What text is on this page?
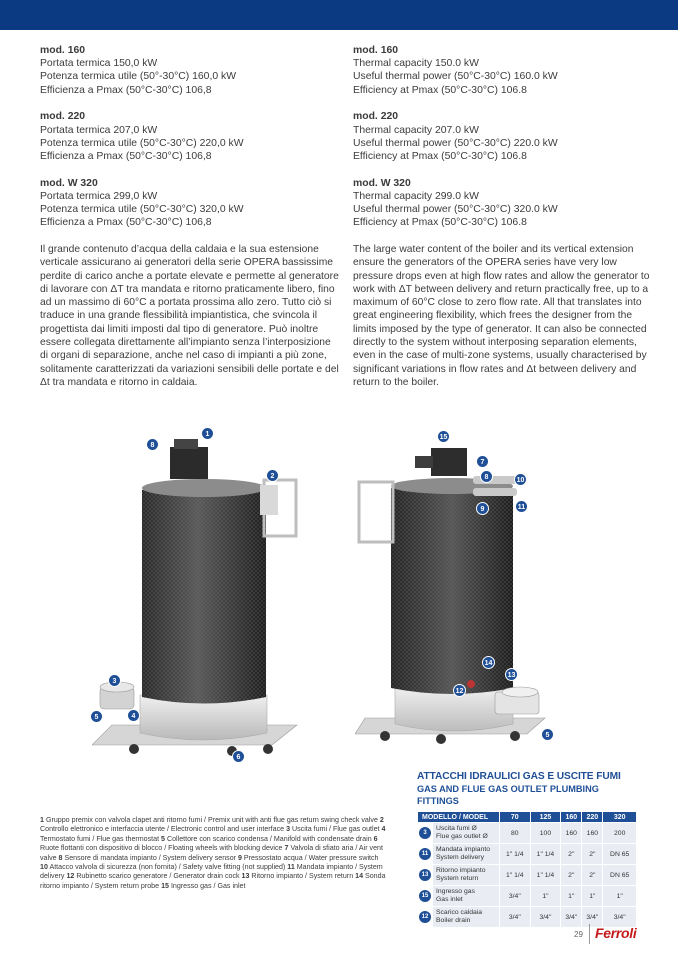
mod. 160
Portata termica 150,0 kW
Potenza termica utile (50°-30°C) 160,0 kW
Efficienza a Pmax (50°C-30°C) 106,8
mod. 220
Portata termica 207,0 kW
Potenza termica utile (50°C-30°C) 220,0 kW
Efficienza a Pmax (50°C-30°C) 106,8
mod. W 320
Portata termica 299,0 kW
Potenza termica utile (50°C-30°C) 320,0 kW
Efficienza a Pmax (50°C-30°C) 106,8

Il grande contenuto d’acqua della caldaia e la sua estensione verticale assicurano ai generatori della serie OPERA bassissime perdite di carico anche a portate elevate e permette al generatore di lavorare con ΔT tra mandata e ritorno praticamente libero, fino ad un massimo di 60°C a portata prossima allo zero. Tutto ciò si traduce in una grande flessibilità impiantistica, che svincola il progettista dai limiti imposti dal tipo di generatore. Può inoltre essere collegata direttamente all’impianto senza l’interposizione di organi di separazione, anche nel caso di impianti a più zone, solitamente caratterizzati da variazioni sensibili delle portate e del Δt tra mandata e ritorno in caldaia.

mod. 160
Thermal capacity 150.0 kW
Useful thermal power (50°C-30°C) 160.0 kW
Efficiency at Pmax (50°C-30°C) 106.8
mod. 220
Thermal capacity 207.0 kW
Useful thermal power (50°C-30°C) 220.0 kW
Efficiency at Pmax (50°C-30°C) 106.8
mod. W 320
Thermal capacity 299.0 kW
Useful thermal power (50°C-30°C) 320.0 kW
Efficiency at Pmax (50°C-30°C) 106.8

The large water content of the boiler and its vertical extension ensure the generators of the OPERA series have very low pressure drops even at high flow rates and allow the generator to work with ΔT between delivery and return practically free, up to a maximum of 60°C close to zero flow rate. All that translates into great engineering flexibility, which frees the designer from the limits imposed by the type of generator. It can also be connected directly to the system without interposing separation elements, even in the case of multi-zone systems, usually characterised by significant variations in flow rates and Δt between delivery and return to the boiler.

1
2
3
4
5
6
8
15
7
8	10
9	11
14
13
12
5
1 Gruppo premix con valvola clapet anti ritorno fumi / Premix unit with anti flue gas return swing check valve 2 Controllo elettronico e interfaccia utente / Electronic control and user interface 3 Uscita fumi / Flue gas outlet 4 Termostato fumi / Flue gas thermostat 5 Collettore con scarico condensa / Manifold with condensate drain 6 Ruote flottanti con dispositivo di blocco / Floating wheels with blocking device 7 Valvola di sfiato aria / Air vent valve 8 Sensore di mandata impianto / System delivery sensor 9 Pressostato acqua / Water pressure switch 10 Attacco valvola di sicurezza (non fornita) / Safety valve fitting (not supplied) 11 Mandata impianto / System delivery 12 Rubinetto scarico generatore / Generator drain cock 13 Ritorno impianto / System return 14 Sonda ritorno impianto / System return probe 15 Ingresso gas / Gas inlet
ATTACCHI IDRAULICI GAS E USCITE FUMI
GAS AND FLUE GAS OUTLET PLUMBING FITTINGS
MODELLO / MODEL		70	125	160	220	320
3	Uscita fumi Ø
Flue gas outlet Ø	80	100	160	160	200
11	Mandata impianto
System delivery	1" 1/4	1" 1/4	2"	2"	DN 65
13	Ritorno impianto
System return	1" 1/4	1" 1/4	2"	2"	DN 65
15	Ingresso gas
Gas inlet	3/4"	1"	1"	1"	1"
12	Scarico caldaia
Boiler drain	3/4"	3/4"	3/4"	3/4"	3/4"
29 Ferroli
